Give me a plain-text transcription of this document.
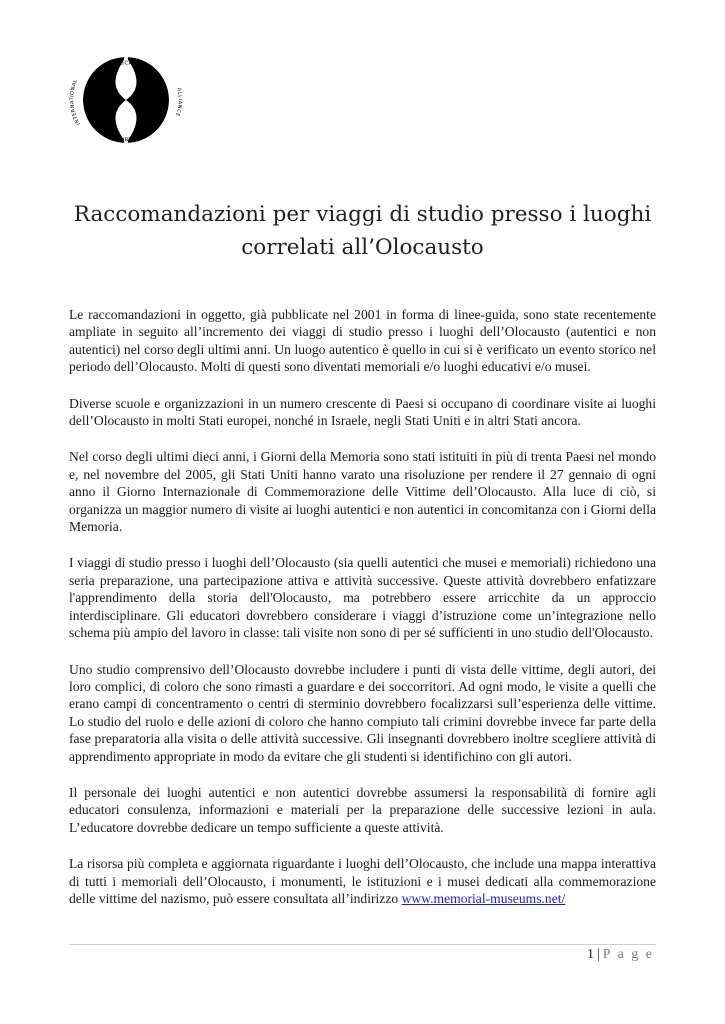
HOLOCAUST
INTERNATIONAL
REMEMBRANCE
ALLIANCE
Raccomandazioni per viaggi di studio presso i luoghi
correlati all’Olocausto

Le raccomandazioni in oggetto, già pubblicate nel 2001 in forma di linee-guida, sono state recentemente ampliate in seguito all’incremento dei viaggi di studio presso i luoghi dell’Olocausto (autentici e non autentici) nel corso degli ultimi anni. Un luogo autentico è quello in cui si è verificato un evento storico nel periodo dell’Olocausto. Molti di questi sono diventati memoriali e/o luoghi educativi e/o musei.

Diverse scuole e organizzazioni in un numero crescente di Paesi si occupano di coordinare visite ai luoghi dell’Olocausto in molti Stati europei, nonché in Israele, negli Stati Uniti e in altri Stati ancora.

Nel corso degli ultimi dieci anni, i Giorni della Memoria sono stati istituiti in più di trenta Paesi nel mondo e, nel novembre del 2005, gli Stati Uniti hanno varato una risoluzione per rendere il 27 gennaio di ogni anno il Giorno Internazionale di Commemorazione delle Vittime dell’Olocausto. Alla luce di ciò, si organizza un maggior numero di visite ai luoghi autentici e non autentici in concomitanza con i Giorni della Memoria.

I viaggi di studio presso i luoghi dell’Olocausto (sia quelli autentici che musei e memoriali) richiedono una seria preparazione, una partecipazione attiva e attività successive. Queste attività dovrebbero enfatizzare l'apprendimento della storia dell'Olocausto, ma potrebbero essere arricchite da un approccio interdisciplinare. Gli educatori dovrebbero considerare i viaggi d’istruzione come un’integrazione nello schema più ampio del lavoro in classe: tali visite non sono di per sé sufficienti in uno studio dell'Olocausto.

Uno studio comprensivo dell’Olocausto dovrebbe includere i punti di vista delle vittime, degli autori, dei loro complici, di coloro che sono rimasti a guardare e dei soccorritori. Ad ogni modo, le visite a quelli che erano campi di concentramento o centri di sterminio dovrebbero focalizzarsi sull’esperienza delle vittime. Lo studio del ruolo e delle azioni di coloro che hanno compiuto tali crimini dovrebbe invece far parte della fase preparatoria alla visita o delle attività successive. Gli insegnanti dovrebbero inoltre scegliere attività di apprendimento appropriate in modo da evitare che gli studenti si identifichino con gli autori.

Il personale dei luoghi autentici e non autentici dovrebbe assumersi la responsabilità di fornire agli educatori consulenza, informazioni e materiali per la preparazione delle successive lezioni in aula. L’educatore dovrebbe dedicare un tempo sufficiente a queste attività.

La risorsa più completa e aggiornata riguardante i luoghi dell’Olocausto, che include una mappa interattiva di tutti i memoriali dell’Olocausto, i monumenti, le istituzioni e i musei dedicati alla commemorazione delle vittime del nazismo, può essere consultata all’indirizzo www.memorial-museums.net/

1 | P a g e
